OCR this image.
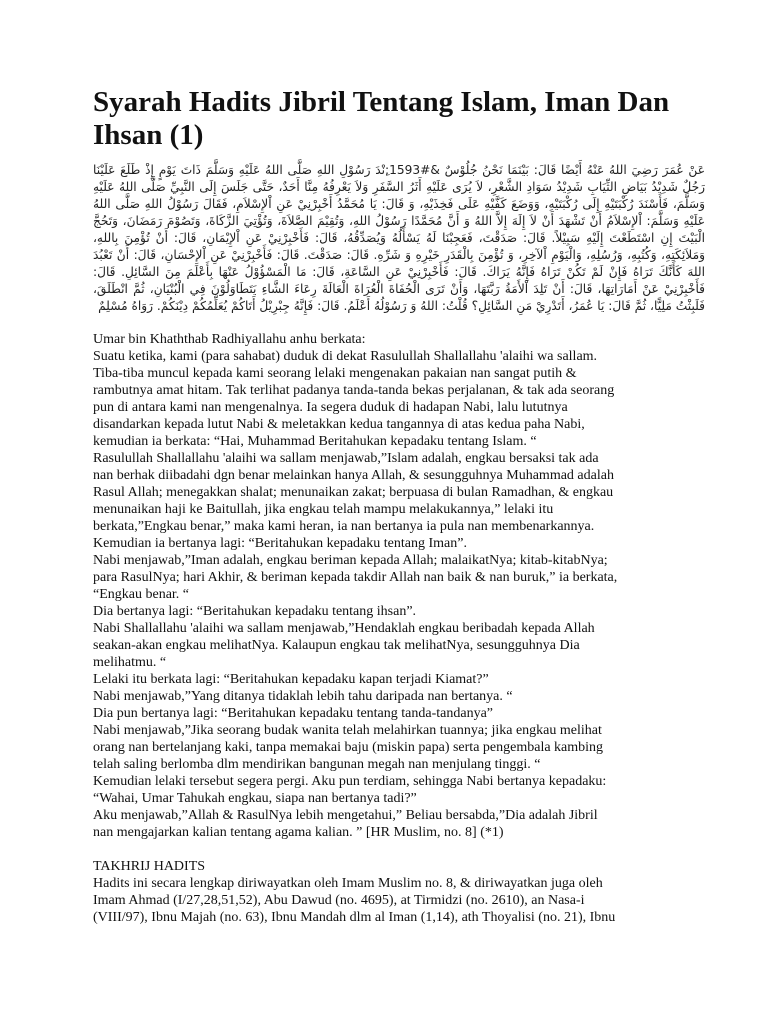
Syarah Hadits Jibril Tentang Islam, Iman Dan Ihsan (1)
عَنْ عُمَرَ رَضِيَ اللهُ عَنْهُ أَيْضًا قَالَ: بَيْنَمَا نَحْنُ جُلُوْسٌ &#1593;ِنْدَ رَسُوْلِ اللهِ صَلَّى اللهُ عَلَيْهِ وَسَلَّمَ ذَاتَ يَوْمٍ إِذْ طَلَعَ عَلَيْنَا رَجُلٌ شَدِيْدُ بَيَاضِ الثِّيَابِ شَدِيْدُ سَوَادِ الشَّعْرِ، لاَ يُرَى عَلَيْهِ أَثَرُ السَّفَرِ وَلاَ يَعْرِفُهُ مِنَّا أَحَدٌ، حَتَّى جَلَسَ إِلَى النَّبِيِّ صَلَّى اللهُ عَلَيْهِ وَسَلَّمَ، فَأَسْنَدَ رُكْبَتَيْهِ إِلَى رُكْبَتَيْهِ، وَوَضَعَ كَفَّيْهِ عَلَى فَخِذَيْهِ، وَ قَالَ: يَا مُحَمَّدُ أَخْبِرْنِيْ عَنِ اْلإِسْلاَمِ، فَقَالَ رَسُوْلُ اللهِ صَلَّى اللهُ عَلَيْهِ وَسَلَّمَ: اْلإِسْلاَمُ أَنْ تَشْهَدَ أَنْ لاَ إِلَهَ إِلاَّ اللهُ وَ أَنَّ مُحَمَّدًا رَسُوْلُ اللهِ، وَتُقِيْمَ الصَّلاَةَ، وَتُؤْتِيَ الزَّكَاةَ، وَتَصُوْمَ رَمَضَانَ، وَتَحُجَّ الْبَيْتَ إِنِ اسْتَطَعْتَ إِلَيْهِ سَبِيْلاً. قَالَ: صَدَقْتَ، فَعَجِبْنَا لَهُ يَسْأَلُهُ وَيُصَدِّقُهُ، قَالَ: فَأَخْبِرْنِيْ عَنِ اْلإِيْمَانِ، قَالَ: أَنْ تُؤْمِنَ بِاللهِ، وَمَلاَئِكَتِهِ، وَكُتُبِهِ، وَرُسُلِهِ، وَالْيَوْمِ اْلآخِرِ، وَ تُؤْمِنَ بِالْقَدَرِ خَيْرِهِ وَ شَرِّهِ. قَالَ: صَدَقْتَ. قَالَ: فَأَخْبِرْنِيْ عَنِ اْلإِحْسَانِ، قَالَ: أَنْ تَعْبُدَ اللهَ كَأَنَّكَ تَرَاهُ فَإِنْ لَمْ تَكُنْ تَرَاهُ فَإِنَّهُ يَرَاكَ. قَالَ: فَأَخْبِرْنِيْ عَنِ السَّاعَةِ، قَالَ: مَا الْمَسْؤُوْلُ عَنْهَا بِأَعْلَمَ مِنَ السَّائِلِ. قَالَ: فَأَخْبِرْنِيْ عَنْ أَمَارَاتِهَا، قَالَ: أَنْ تَلِدَ اْلأَمَةُ رَبَّتَهَا، وَأَنْ تَرَى الْحُفَاةَ الْعُرَاةَ الْعَالَةَ رِعَاءَ الشَّاءِ يَتَطَاوَلُوْنَ فِي الْبُنْيَانِ، ثُمَّ انْطَلَقَ، فَلَبِثْتُ مَلِيًّا، ثُمَّ قَالَ: يَا عُمَرُ، أَتَدْرِيْ مَنِ السَّائِلِ؟ قُلْتُ: اللهُ وَ رَسُوْلُهُ أَعْلَمُ. قَالَ: فَإِنَّهُ جِبْرِيْلُ أَتَاكُمْ يُعَلِّمُكُمْ دِيْنَكُمْ. رَوَاهُ مُسْلِمٌ
Umar bin Khaththab Radhiyallahu anhu berkata:
Suatu ketika, kami (para sahabat) duduk di dekat Rasulullah Shallallahu 'alaihi wa sallam.
Tiba-tiba muncul kepada kami seorang lelaki mengenakan pakaian nan sangat putih &
rambutnya amat hitam. Tak terlihat padanya tanda-tanda bekas perjalanan, & tak ada seorang
pun di antara kami nan mengenalnya. Ia segera duduk di hadapan Nabi, lalu lututnya
disandarkan kepada lutut Nabi & meletakkan kedua tangannya di atas kedua paha Nabi,
kemudian ia berkata: “Hai, Muhammad Beritahukan kepadaku tentang Islam. “
Rasulullah Shallallahu 'alaihi wa sallam menjawab,”Islam adalah, engkau bersaksi tak ada
nan berhak diibadahi dgn benar melainkan hanya Allah, & sesungguhnya Muhammad adalah
Rasul Allah; menegakkan shalat; menunaikan zakat; berpuasa di bulan Ramadhan, & engkau
menunaikan haji ke Baitullah, jika engkau telah mampu melakukannya,” lelaki itu
berkata,”Engkau benar,” maka kami heran, ia nan bertanya ia pula nan membenarkannya.
Kemudian ia bertanya lagi: “Beritahukan kepadaku tentang Iman”.
Nabi menjawab,”Iman adalah, engkau beriman kepada Allah; malaikatNya; kitab-kitabNya;
para RasulNya; hari Akhir, & beriman kepada takdir Allah nan baik & nan buruk,” ia berkata,
“Engkau benar. “
Dia bertanya lagi: “Beritahukan kepadaku tentang ihsan”.
Nabi Shallallahu 'alaihi wa sallam menjawab,”Hendaklah engkau beribadah kepada Allah
seakan-akan engkau melihatNya. Kalaupun engkau tak melihatNya, sesungguhnya Dia
melihatmu. “
Lelaki itu berkata lagi: “Beritahukan kepadaku kapan terjadi Kiamat?”
Nabi menjawab,”Yang ditanya tidaklah lebih tahu daripada nan bertanya. “
Dia pun bertanya lagi: “Beritahukan kepadaku tentang tanda-tandanya”
Nabi menjawab,”Jika seorang budak wanita telah melahirkan tuannya; jika engkau melihat
orang nan bertelanjang kaki, tanpa memakai baju (miskin papa) serta pengembala kambing
telah saling berlomba dlm mendirikan bangunan megah nan menjulang tinggi. “
Kemudian lelaki tersebut segera pergi. Aku pun terdiam, sehingga Nabi bertanya kepadaku:
“Wahai, Umar Tahukah engkau, siapa nan bertanya tadi?”
Aku menjawab,”Allah & RasulNya lebih mengetahui,” Beliau bersabda,”Dia adalah Jibril
nan mengajarkan kalian tentang agama kalian. ” [HR Muslim, no. 8] (*1)
TAKHRIJ HADITS
Hadits ini secara lengkap diriwayatkan oleh Imam Muslim no. 8, & diriwayatkan juga oleh
Imam Ahmad (I/27,28,51,52), Abu Dawud (no. 4695), at Tirmidzi (no. 2610), an Nasa-i
(VIII/97), Ibnu Majah (no. 63), Ibnu Mandah dlm al Iman (1,14), ath Thoyalisi (no. 21), Ibnu
